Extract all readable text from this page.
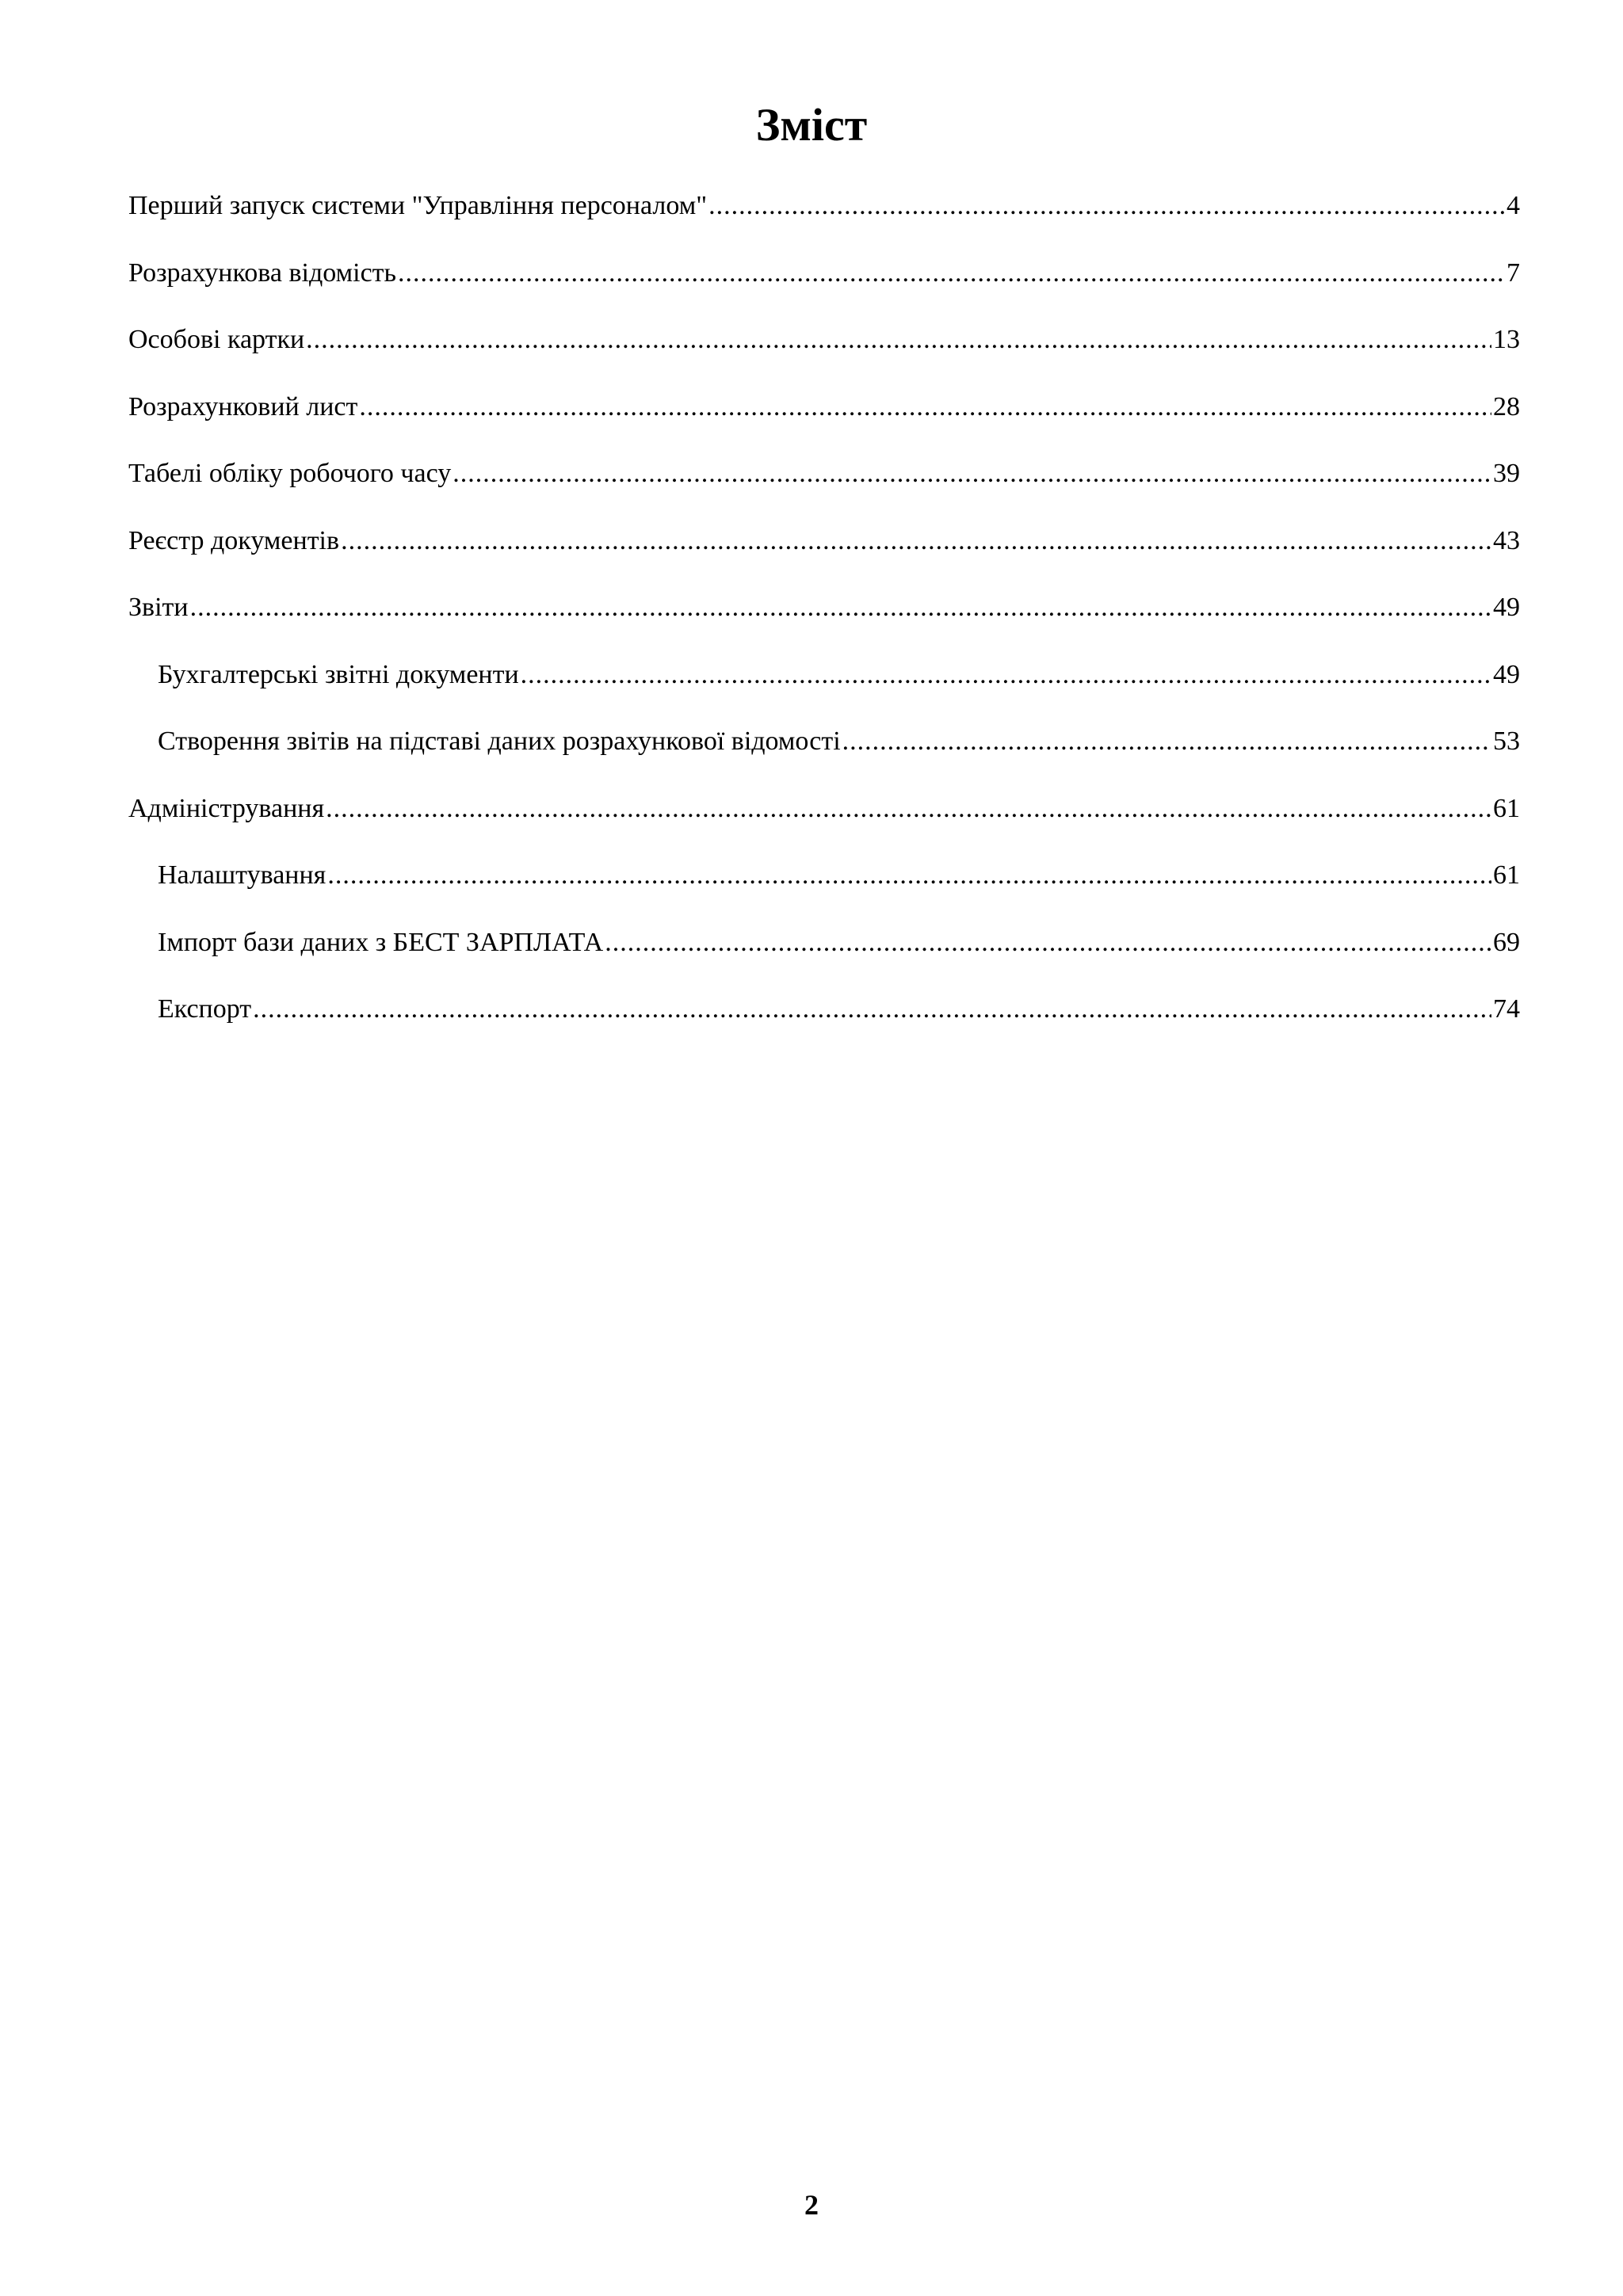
Зміст
Перший запуск системи "Управління персоналом" .....	4
Розрахункова відомість .....	7
Особові картки .....	13
Розрахунковий лист .....	28
Табелі обліку робочого часу .....	39
Реєстр документів .....	43
Звіти .....	49
Бухгалтерські звітні документи .....	49
Створення звітів на підставі даних розрахункової відомості .....	53
Адміністрування .....	61
Налаштування .....	61
Імпорт бази даних з БЕСТ ЗАРПЛАТА .....	69
Експорт .....	74
2
